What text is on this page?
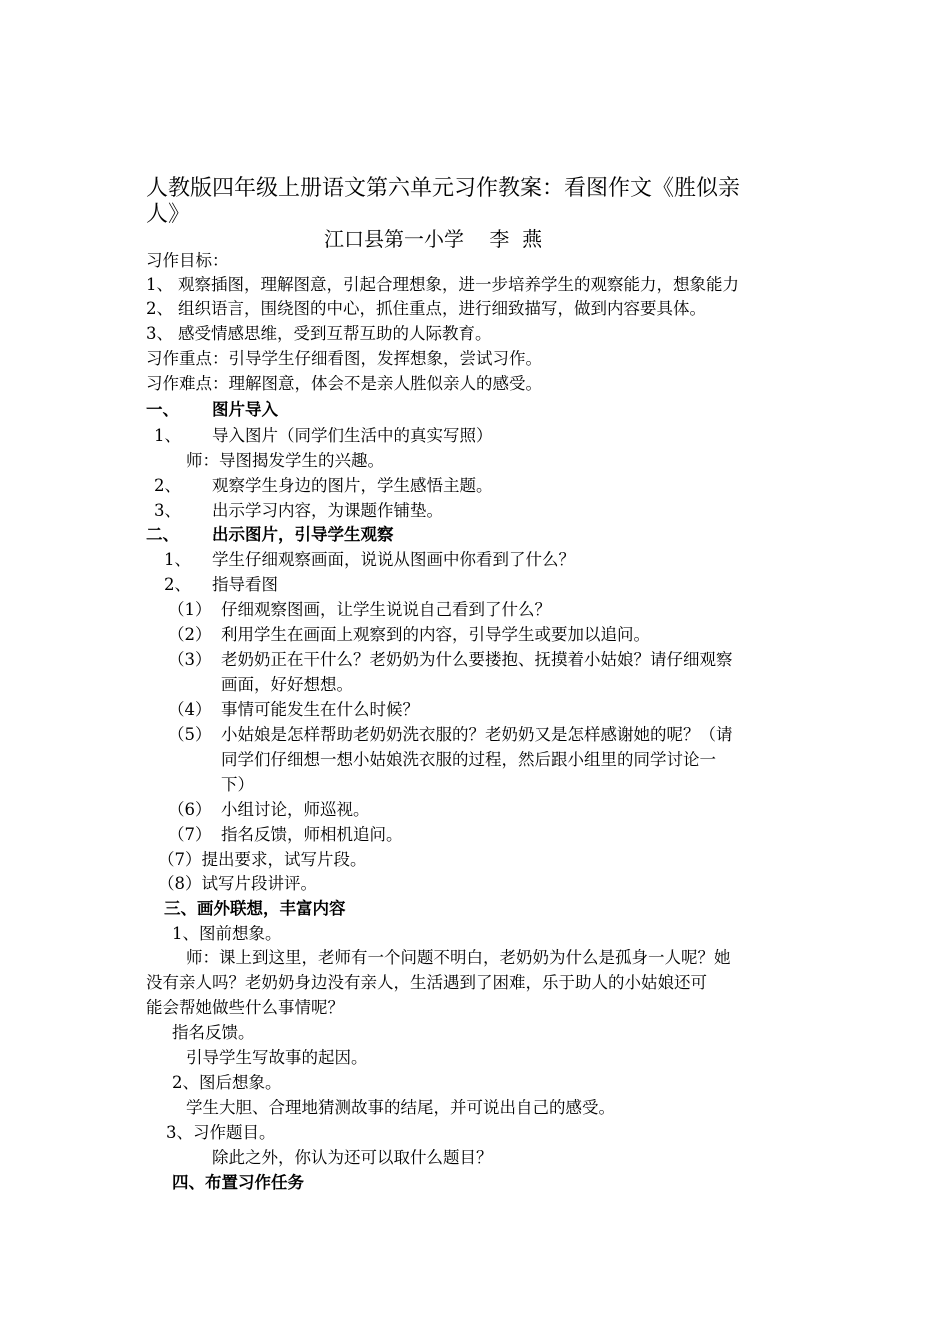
人教版四年级上册语文第六单元习作教案：看图作文《胜似亲
人》
江口县第一小学    李  燕
习作目标：
1、 观察插图，理解图意，引起合理想象，进一步培养学生的观察能力，想象能力
2、 组织语言，围绕图的中心，抓住重点，进行细致描写，做到内容要具体。
3、 感受情感思维，受到互帮互助的人际教育。
习作重点：引导学生仔细看图，发挥想象，尝试习作。
习作难点：理解图意，体会不是亲人胜似亲人的感受。
一、 图片导入
1、 导入图片（同学们生活中的真实写照）
师：导图揭发学生的兴趣。
2、 观察学生身边的图片，学生感悟主题。
3、 出示学习内容，为课题作铺垫。
二、 出示图片，引导学生观察
1、 学生仔细观察画面，说说从图画中你看到了什么？
2、 指导看图
（1） 仔细观察图画，让学生说说自己看到了什么？
（2） 利用学生在画面上观察到的内容，引导学生或要加以追问。
（3） 老奶奶正在干什么？老奶奶为什么要搂抱、抚摸着小姑娘？请仔细观察
画面，好好想想。
（4） 事情可能发生在什么时候？
（5） 小姑娘是怎样帮助老奶奶洗衣服的？老奶奶又是怎样感谢她的呢？（请
同学们仔细想一想小姑娘洗衣服的过程，然后跟小组里的同学讨论一
下）
（6） 小组讨论，师巡视。
（7） 指名反馈，师相机追问。
（7）提出要求，试写片段。
（8）试写片段讲评。
三、画外联想，丰富内容
1、图前想象。
师：课上到这里，老师有一个问题不明白，老奶奶为什么是孤身一人呢？她
没有亲人吗？老奶奶身边没有亲人，生活遇到了困难，乐于助人的小姑娘还可
能会帮她做些什么事情呢？
指名反馈。
引导学生写故事的起因。
2、图后想象。
学生大胆、合理地猜测故事的结尾，并可说出自己的感受。
3、习作题目。
除此之外，你认为还可以取什么题目？
四、布置习作任务
